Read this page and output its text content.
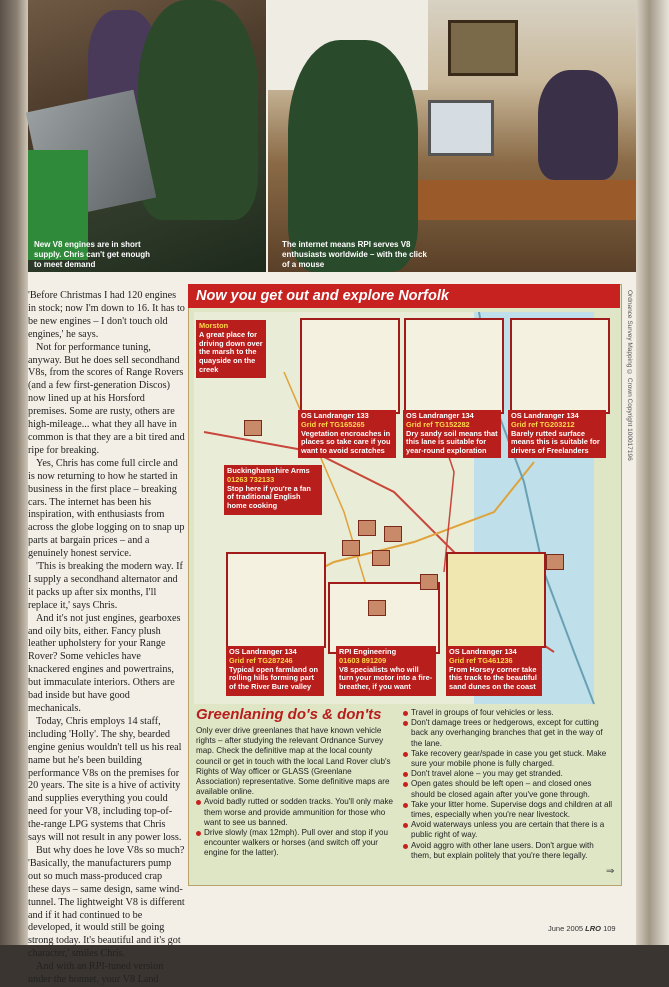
New V8 engines are in short supply. Chris can't get enough to meet demand
The internet means RPI serves V8 enthusiasts worldwide – with the click of a mouse

'Before Christmas I had 120 engines in stock; now I'm down to 16. It has to be new engines – I don't touch old engines,' he says.

Not for performance tuning, anyway. But he does sell secondhand V8s, from the scores of Range Rovers (and a few first-generation Discos) now lined up at his Horsford premises. Some are rusty, others are high-mileage... what they all have in common is that they are a bit tired and ripe for breaking.

Yes, Chris has come full circle and is now returning to how he started in business in the first place – breaking cars. The internet has been his inspiration, with enthusiasts from across the globe logging on to snap up parts at bargain prices – and a genuinely honest service.

'This is breaking the modern way. If I supply a secondhand alternator and it packs up after six months, I'll replace it,' says Chris.

And it's not just engines, gearboxes and oily bits, either. Fancy plush leather upholstery for your Range Rover? Some vehicles have knackered engines and powertrains, but immaculate interiors. Others are bad inside but have good mechanicals.

Today, Chris employs 14 staff, including 'Holly'. The shy, bearded engine genius wouldn't tell us his real name but he's been building performance V8s on the premises for 20 years. The site is a hive of activity and supplies everything you could need for your V8, including top-of-the-range LPG systems that Chris says will not result in any power loss.

But why does he love V8s so much? 'Basically, the manufacturers pump out so much mass-produced crap these days – same design, same wind-tunnel. The lightweight V8 is different and if it had continued to be developed, it would still be going strong today. It's beautiful and it's got character,' smiles Chris.

And with an RPI-tuned version under the bonnet, your V8 Land

Now you get out and explore Norfolk	Ordnance Survey Mapping © Crown Copyright 100017196
Morston
A great place for driving down over the marsh to the quayside on the creek
OS Landranger 133
Grid ref TG165265
Vegetation encroaches in places so take care if you want to avoid scratches
OS Landranger 134
Grid ref TG152282
Dry sandy soil means that this lane is suitable for year-round exploration
OS Landranger 134
Grid ref TG203212
Barely rutted surface means this is suitable for drivers of Freelanders
Buckinghamshire Arms
01263 732133
Stop here if you're a fan of traditional English home cooking
OS Landranger 134
Grid ref TG287246
Typical open farmland on rolling hills forming part of the River Bure valley
RPI Engineering
01603 891209
V8 specialists who will turn your motor into a fire-breather, if you want
OS Landranger 134
Grid ref TG461236
From Horsey corner take this track to the beautiful sand dunes on the coast
Greenlaning do's & don'ts
Only ever drive greenlanes that have known vehicle rights – after studying the relevant Ordnance Survey map. Check the definitive map at the local county council or get in touch with the local Land Rover club's Rights of Way officer or GLASS (Greenlane Association) representative. Some definitive maps are available online.
Avoid badly rutted or sodden tracks. You'll only make them worse and provide ammunition for those who want to see us banned.
Drive slowly (max 12mph). Pull over and stop if you encounter walkers or horses (and switch off your engine for the latter).
Travel in groups of four vehicles or less.
Don't damage trees or hedgerows, except for cutting back any overhanging branches that get in the way of the lane.
Take recovery gear/spade in case you get stuck. Make sure your mobile phone is fully charged.
Don't travel alone – you may get stranded.
Open gates should be left open – and closed ones should be closed again after you've gone through.
Take your litter home. Supervise dogs and children at all times, especially when you're near livestock.
Avoid waterways unless you are certain that there is a public right of way.
Avoid aggro with other lane users. Don't argue with them, but explain politely that you're there legally.
⇒
June 2005 LRO 109
